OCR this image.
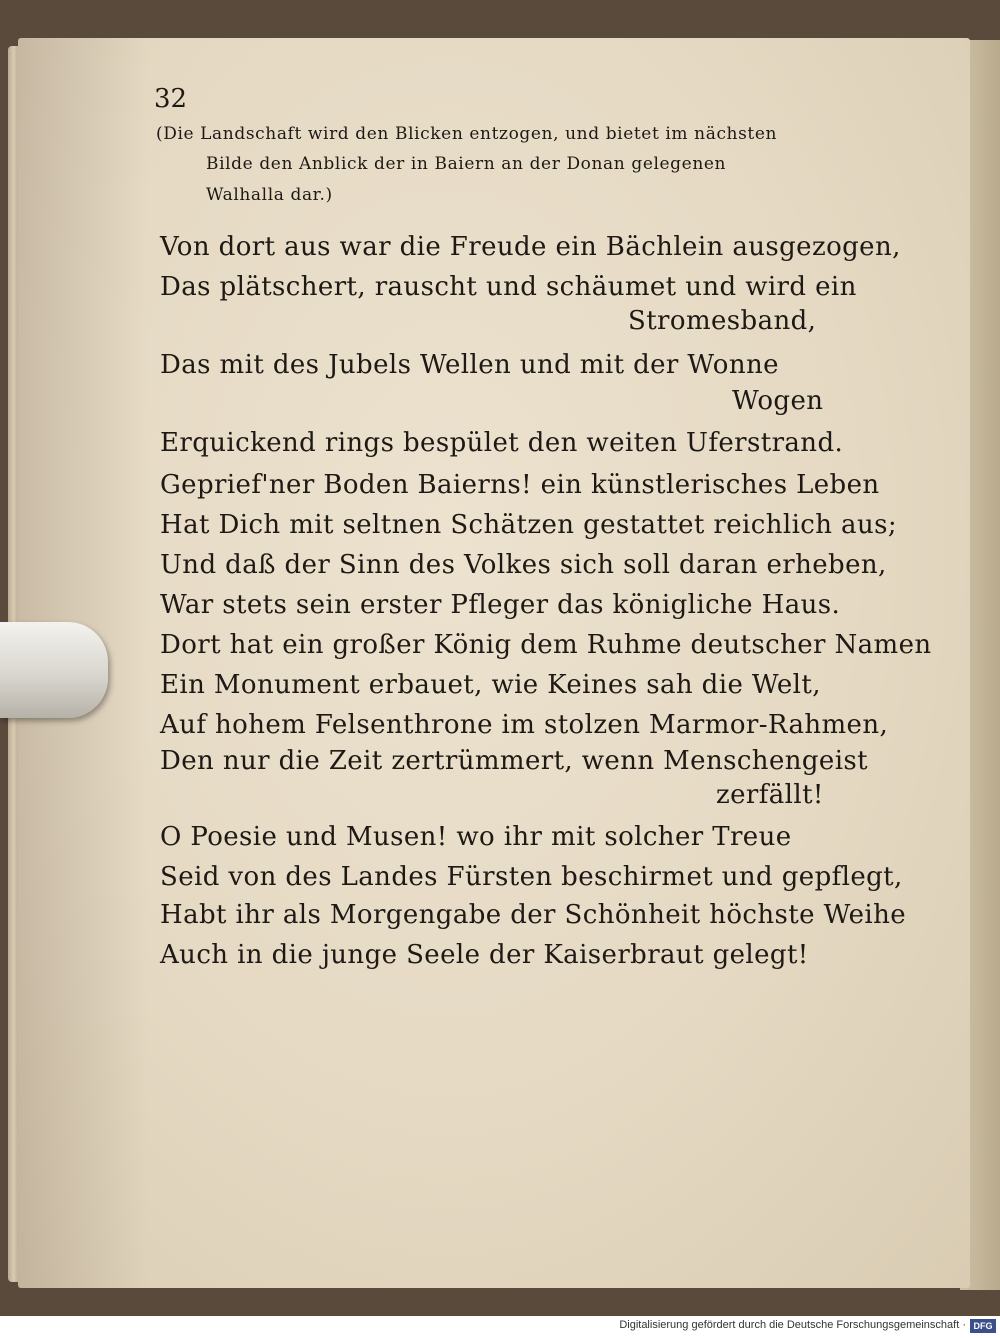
32
(Die Landschaft wird den Blicken entzogen, und bietet im nächsten
Bilde den Anblick der in Baiern an der Donan gelegenen
Walhalla dar.)
Von dort aus war die Freude ein Bächlein ausgezogen,
Das plätschert, rauscht und schäumet und wird ein
Stromesband,
Das mit des Jubels Wellen und mit der Wonne
Wogen
Erquickend rings bespület den weiten Uferstrand.
Geprief'ner Boden Baierns! ein künstlerisches Leben
Hat Dich mit seltnen Schätzen gestattet reichlich aus;
Und daß der Sinn des Volkes sich soll daran erheben,
War stets sein erster Pfleger das königliche Haus.
Dort hat ein großer König dem Ruhme deutscher Namen
Ein Monument erbauet, wie Keines sah die Welt,
Auf hohem Felsenthrone im stolzen Marmor-Rahmen,
Den nur die Zeit zertrümmert, wenn Menschengeist
zerfällt!
O Poesie und Musen! wo ihr mit solcher Treue
Seid von des Landes Fürsten beschirmet und gepflegt,
Habt ihr als Morgengabe der Schönheit höchste Weihe
Auch in die junge Seele der Kaiserbraut gelegt!
Digitalisierung gefördert durch die Deutsche Forschungsgemeinschaft · DFG
